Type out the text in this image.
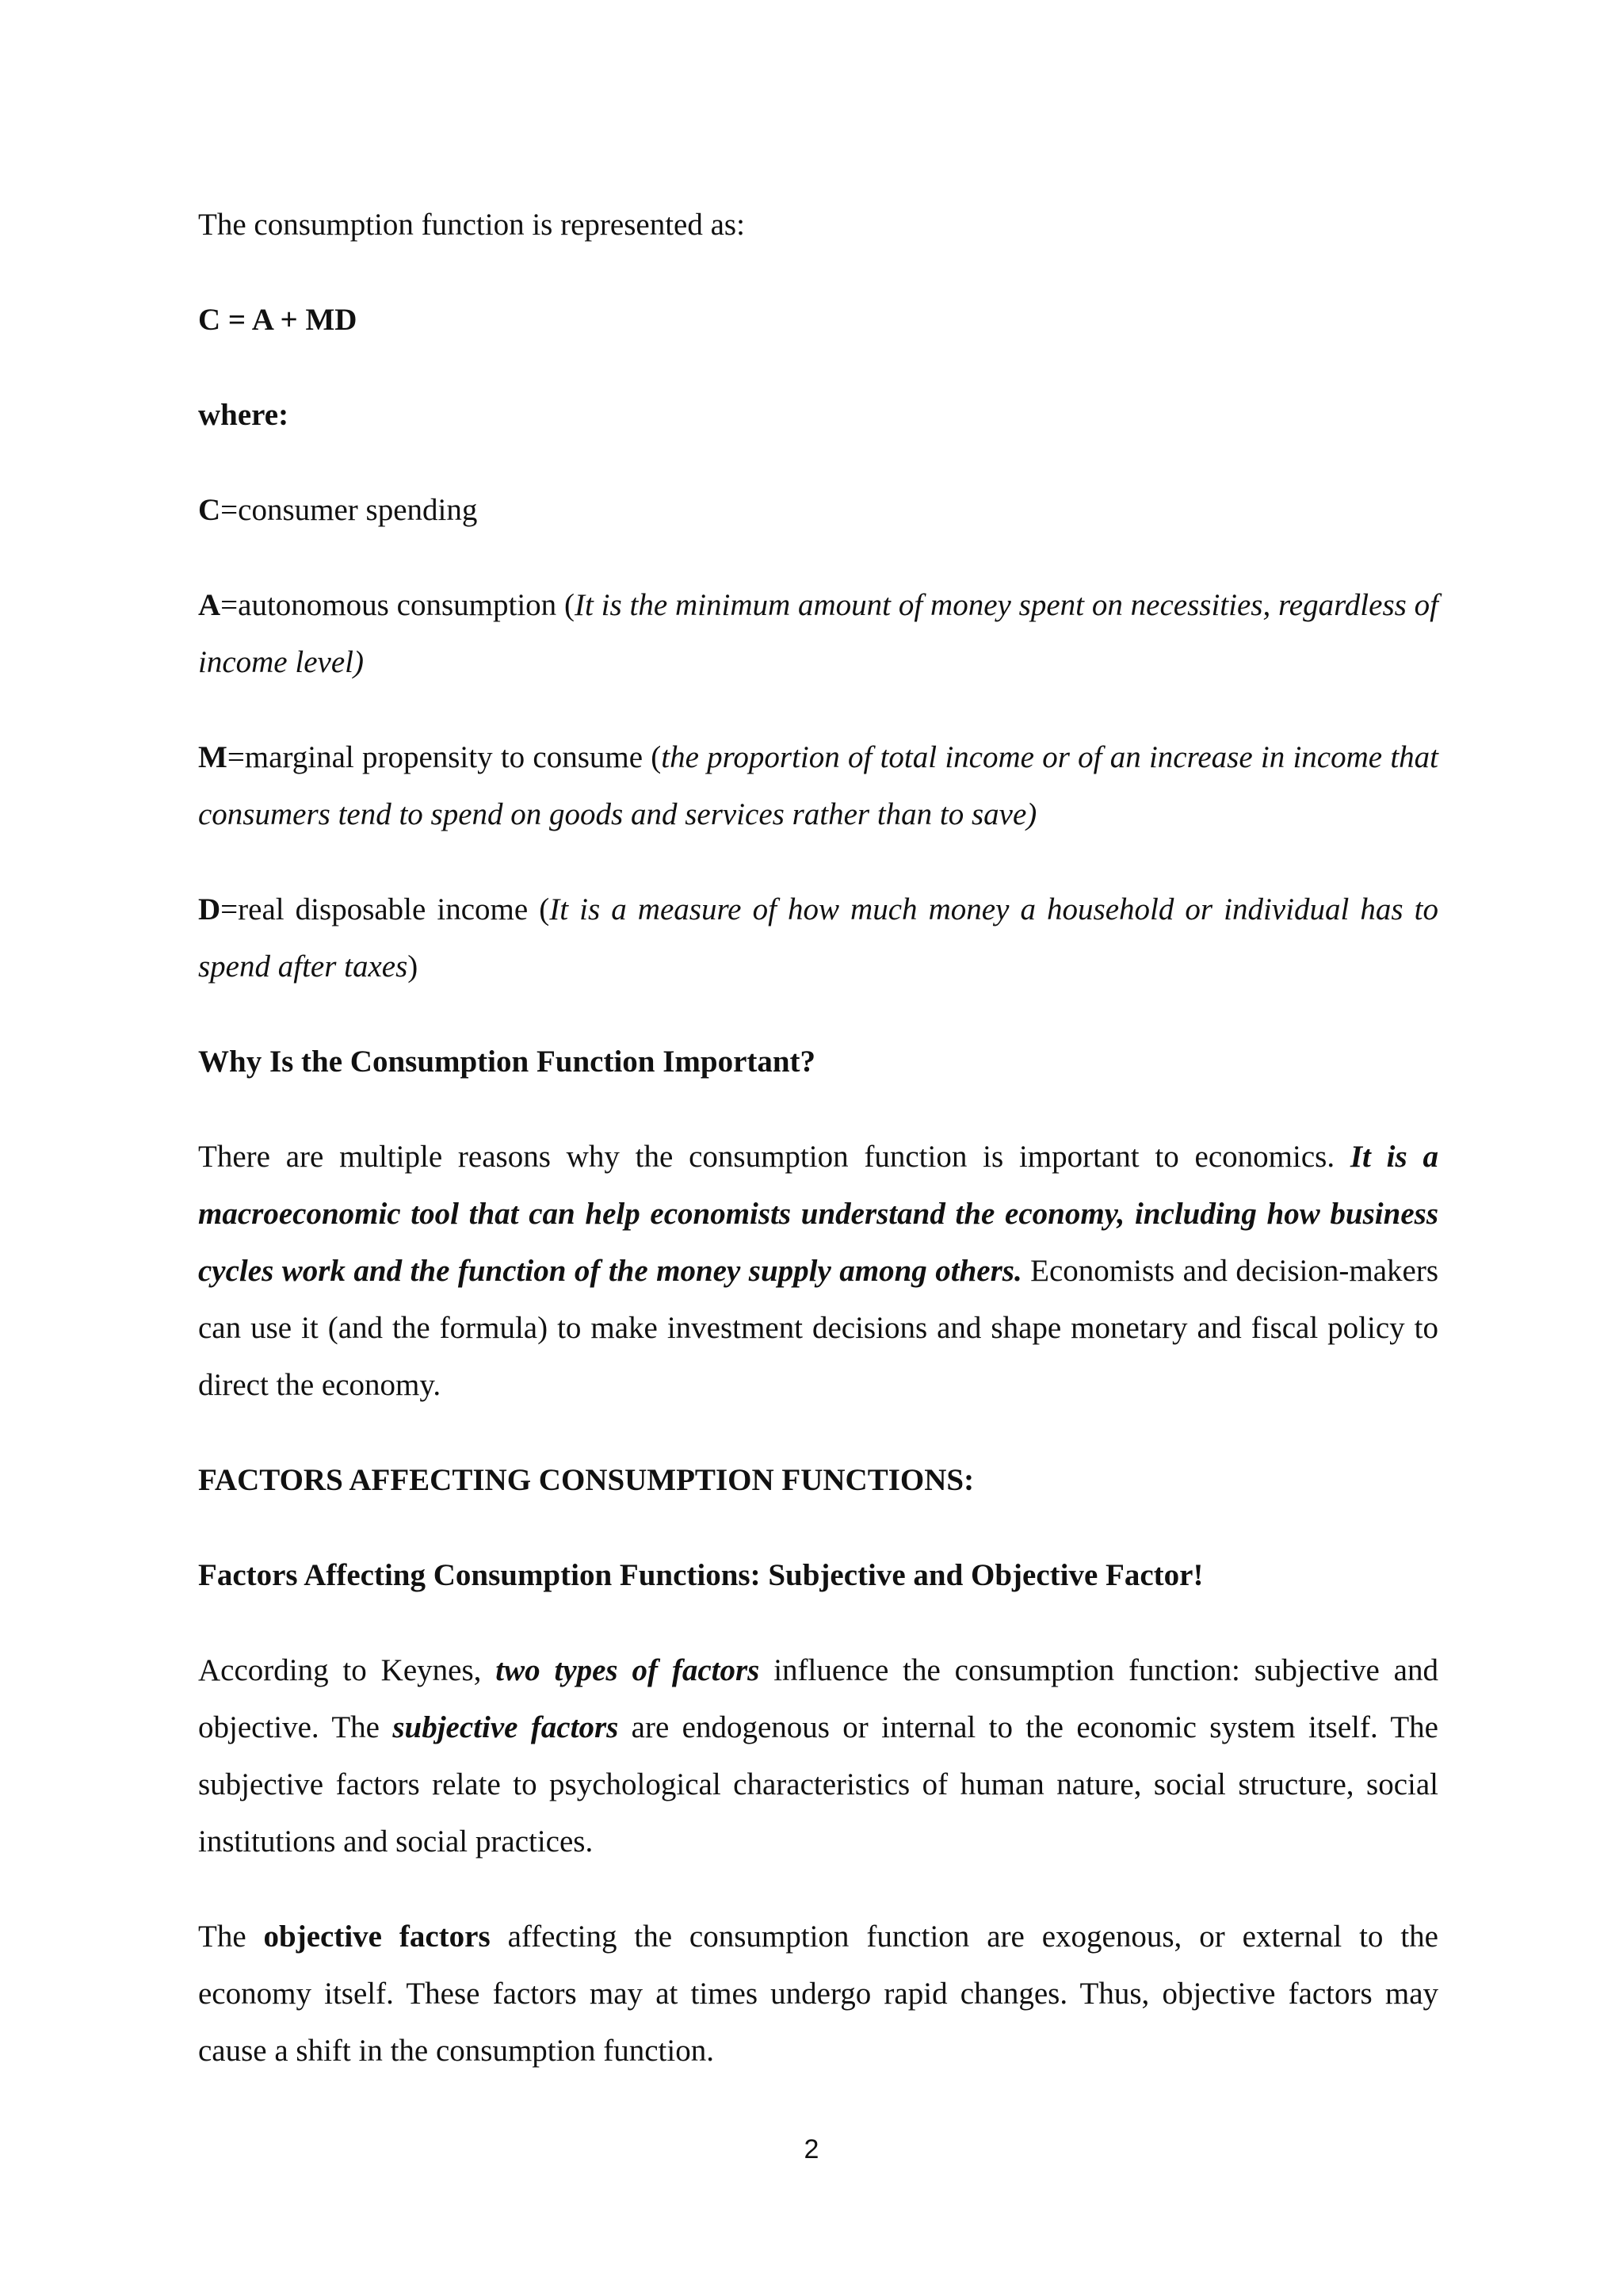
The consumption function is represented as:

C = A + MD

where:

C=consumer spending

A=autonomous consumption (It is the minimum amount of money spent on necessities, regardless of income level)

M=marginal propensity to consume (the proportion of total income or of an increase in income that consumers tend to spend on goods and services rather than to save)

D=real disposable income (It is a measure of how much money a household or individual has to spend after taxes)

Why Is the Consumption Function Important?

There are multiple reasons why the consumption function is important to economics. It is a macroeconomic tool that can help economists understand the economy, including how business cycles work and the function of the money supply among others. Economists and decision-makers can use it (and the formula) to make investment decisions and shape monetary and fiscal policy to direct the economy.

FACTORS AFFECTING CONSUMPTION FUNCTIONS:

Factors Affecting Consumption Functions: Subjective and Objective Factor!

According to Keynes, two types of factors influence the consumption function: subjective and objective. The subjective factors are endogenous or internal to the economic system itself. The subjective factors relate to psychological characteristics of human nature, social structure, social institutions and social practices.

The objective factors affecting the consumption function are exogenous, or external to the economy itself. These factors may at times undergo rapid changes. Thus, objective factors may cause a shift in the consumption function.

2
